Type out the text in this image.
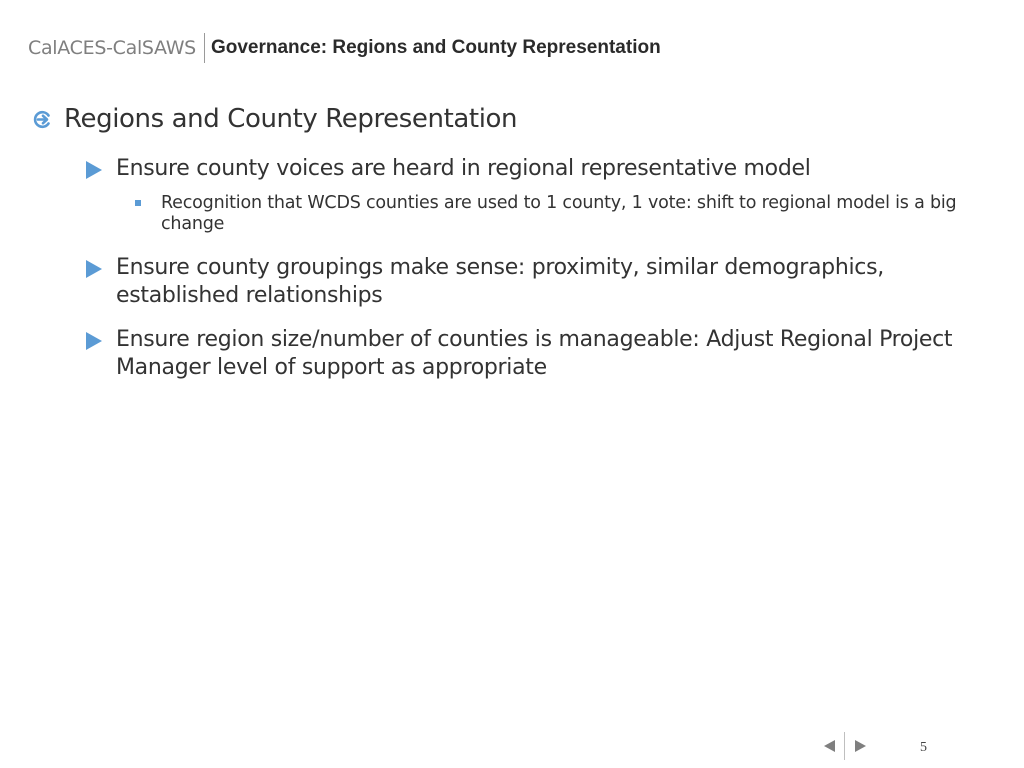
CalACES-CalSAWS Governance: Regions and County Representation
Regions and County Representation
Ensure county voices are heard in regional representative model
Recognition that WCDS counties are used to 1 county, 1 vote: shift to regional model is a big change
Ensure county groupings make sense: proximity, similar demographics, established relationships
Ensure region size/number of counties is manageable: Adjust Regional Project Manager level of support as appropriate
5
